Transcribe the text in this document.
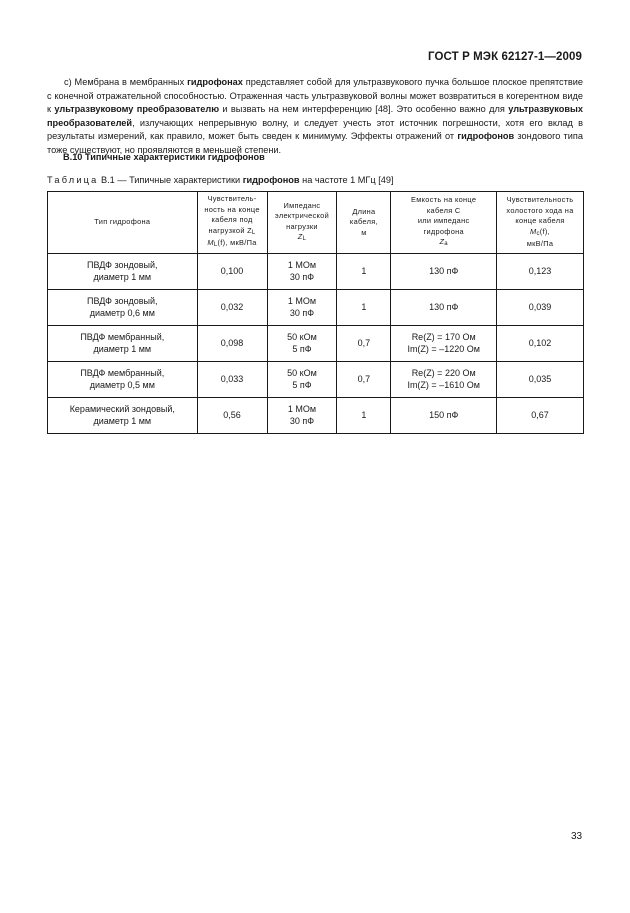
ГОСТ Р МЭК 62127-1—2009

с) Мембрана в мембранных гидрофонах представляет собой для ультразвукового пучка большое плоское препятствие с конечной отражательной способностью. Отраженная часть ультразвуковой волны может возвратиться в когерентном виде к ультразвуковому преобразователю и вызвать на нем интерференцию [48]. Это особенно важно для ультразвуковых преобразователей, излучающих непрерывную волну, и следует учесть этот источник погрешности, хотя его вклад в результаты измерений, как правило, может быть сведен к минимуму. Эффекты отражений от гидрофонов зондового типа тоже существуют, но проявляются в меньшей степени.

В.10 Типичные характеристики гидрофонов
Таблица В.1 — Типичные характеристики гидрофонов на частоте 1 МГц [49]
Тип гидрофона	Чувствитель-
ность на конце
кабеля под
нагрузкой ZL
ML(f), мкВ/Па	Импеданс
электрической
нагрузки
ZL	Длина
кабеля,
м	Емкость на конце
кабеля C
или импеданс
гидрофона
Za	Чувствительность
холостого хода на
конце кабеля
Mc(f),
мкВ/Па
ПВДФ зондовый,
диаметр 1 мм	0,100	1 МОм
30 пФ	1	130 пФ	0,123
ПВДФ зондовый,
диаметр 0,6 мм	0,032	1 МОм
30 пФ	1	130 пФ	0,039
ПВДФ мембранный,
диаметр 1 мм	0,098	50 кОм
5 пФ	0,7	Re(Z) = 170 Ом
Im(Z) = –1220 Ом	0,102
ПВДФ мембранный,
диаметр 0,5 мм	0,033	50 кОм
5 пФ	0,7	Re(Z) = 220 Ом
Im(Z) = –1610 Ом	0,035
Керамический зондовый,
диаметр 1 мм	0,56	1 МОм
30 пФ	1	150 пФ	0,67
33
